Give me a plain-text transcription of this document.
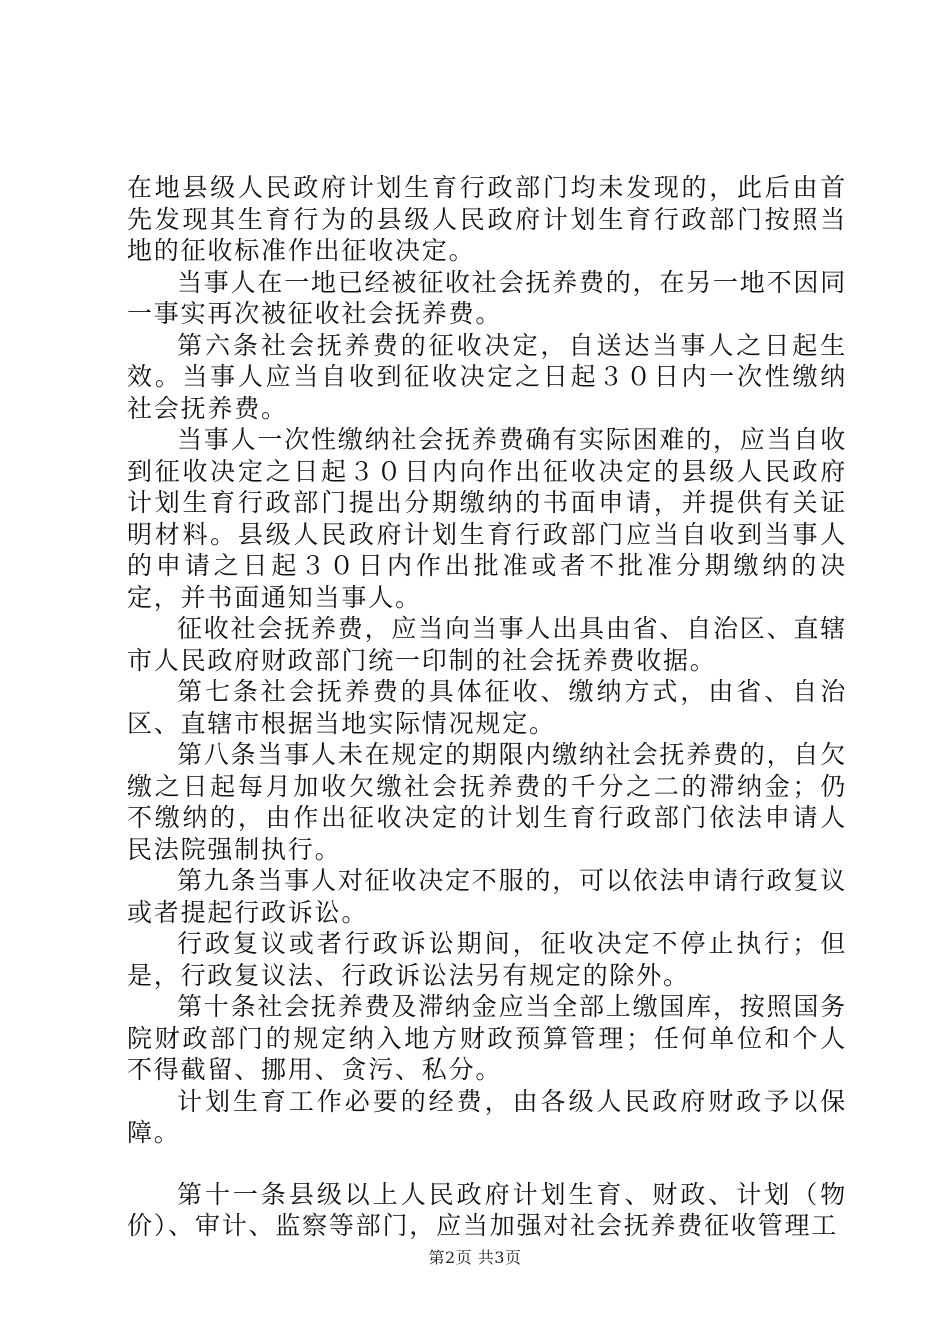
在地县级人民政府计划生育行政部门均未发现的，此后由首先发现其生育行为的县级人民政府计划生育行政部门按照当地的征收标准作出征收决定。

当事人在一地已经被征收社会抚养费的，在另一地不因同一事实再次被征收社会抚养费。

第六条社会抚养费的征收决定，自送达当事人之日起生效。当事人应当自收到征收决定之日起３０日内一次性缴纳社会抚养费。

当事人一次性缴纳社会抚养费确有实际困难的，应当自收到征收决定之日起３０日内向作出征收决定的县级人民政府计划生育行政部门提出分期缴纳的书面申请，并提供有关证明材料。县级人民政府计划生育行政部门应当自收到当事人的申请之日起３０日内作出批准或者不批准分期缴纳的决定，并书面通知当事人。

征收社会抚养费，应当向当事人出具由省、自治区、直辖市人民政府财政部门统一印制的社会抚养费收据。

第七条社会抚养费的具体征收、缴纳方式，由省、自治区、直辖市根据当地实际情况规定。

第八条当事人未在规定的期限内缴纳社会抚养费的，自欠缴之日起每月加收欠缴社会抚养费的千分之二的滞纳金；仍不缴纳的，由作出征收决定的计划生育行政部门依法申请人民法院强制执行。

第九条当事人对征收决定不服的，可以依法申请行政复议或者提起行政诉讼。

行政复议或者行政诉讼期间，征收决定不停止执行；但是，行政复议法、行政诉讼法另有规定的除外。

第十条社会抚养费及滞纳金应当全部上缴国库，按照国务院财政部门的规定纳入地方财政预算管理；任何单位和个人不得截留、挪用、贪污、私分。

计划生育工作必要的经费，由各级人民政府财政予以保障。

第十一条县级以上人民政府计划生育、财政、计划（物价）、审计、监察等部门，应当加强对社会抚养费征收管理工

第2页 共3页
